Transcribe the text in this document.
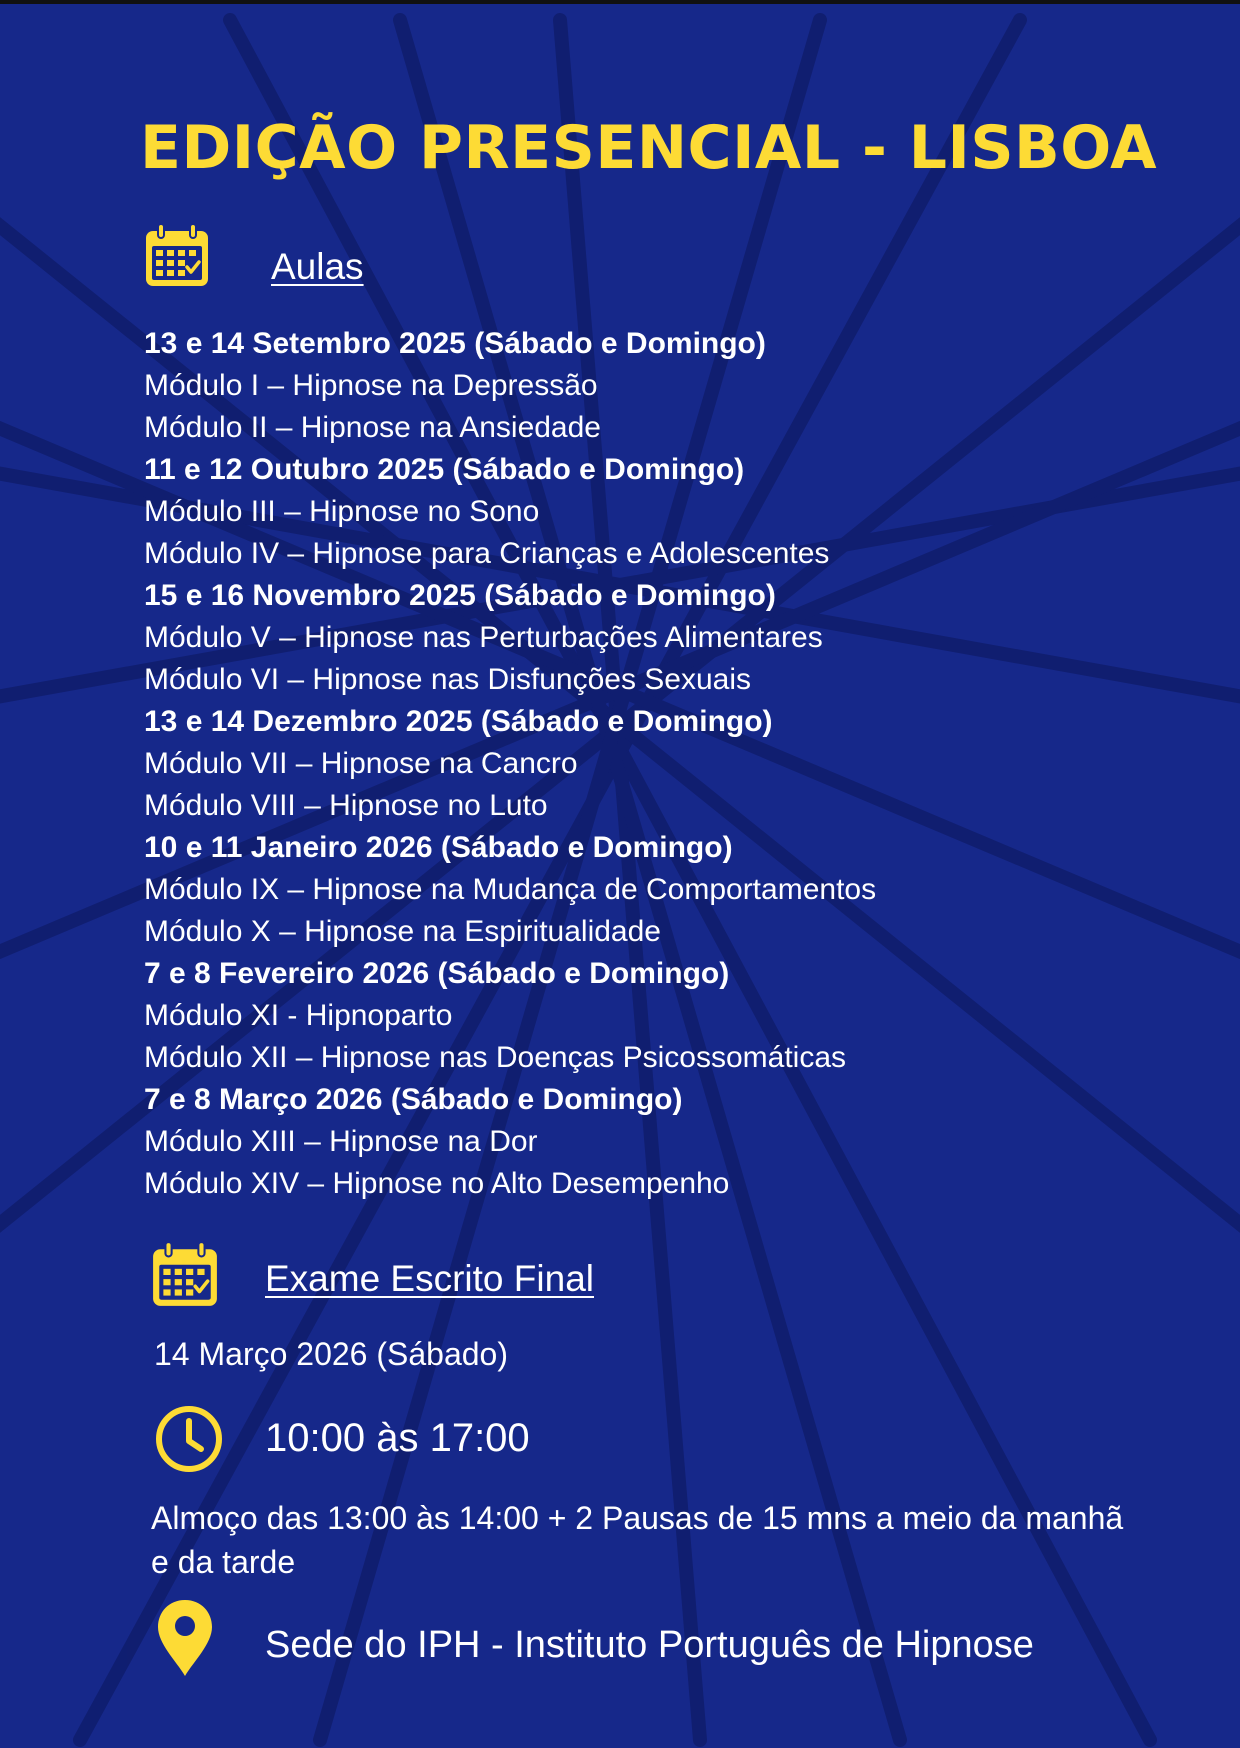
EDIÇÃO PRESENCIAL - LISBOA
Aulas
13 e 14 Setembro 2025 (Sábado e Domingo)
Módulo I – Hipnose na Depressão
Módulo II – Hipnose na Ansiedade
11 e 12 Outubro 2025 (Sábado e Domingo)
Módulo III – Hipnose no Sono
Módulo IV – Hipnose para Crianças e Adolescentes
15 e 16 Novembro 2025 (Sábado e Domingo)
Módulo V – Hipnose nas Perturbações Alimentares
Módulo VI – Hipnose nas Disfunções Sexuais
13 e 14 Dezembro 2025 (Sábado e Domingo)
Módulo VII – Hipnose na Cancro
Módulo VIII – Hipnose no Luto
10 e 11 Janeiro 2026 (Sábado e Domingo)
Módulo IX – Hipnose na Mudança de Comportamentos
Módulo X – Hipnose na Espiritualidade
7 e 8 Fevereiro 2026 (Sábado e Domingo)
Módulo XI - Hipnoparto
Módulo XII – Hipnose nas Doenças Psicossomáticas
7 e 8 Março 2026 (Sábado e Domingo)
Módulo XIII – Hipnose na Dor
Módulo XIV – Hipnose no Alto Desempenho
Exame Escrito Final
14 Março 2026 (Sábado)
10:00 às 17:00
Almoço das 13:00 às 14:00 + 2 Pausas de 15 mns a meio da manhã e da tarde
Sede do IPH - Instituto Português de Hipnose
